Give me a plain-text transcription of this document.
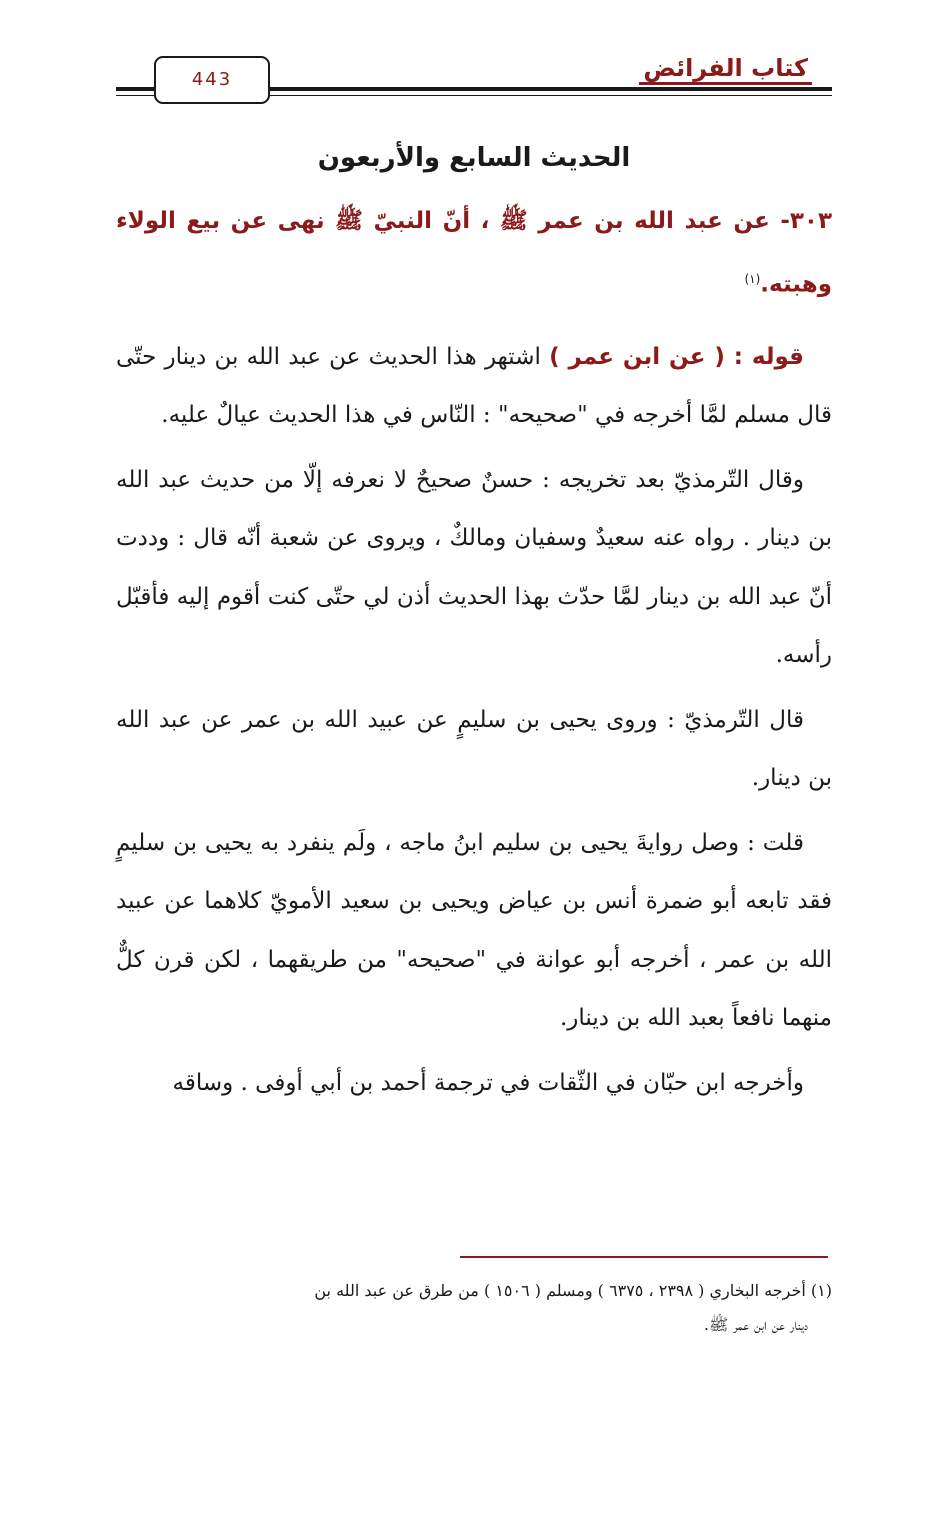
كتاب الفرائض
443
الحديث السابع والأربعون
٣٠٣- عن عبد الله بن عمر ﷺ ، أنّ النبيّ ﷺ نهى عن بيع الولاء وهبته.$^{(١)}$

قوله : ( عن ابن عمر ) اشتهر هذا الحديث عن عبد الله بن دينار حتّى قال مسلم لمَّا أخرجه في "صحيحه" : النّاس في هذا الحديث عيالٌ عليه.

وقال التّرمذيّ بعد تخريجه : حسنٌ صحيحٌ لا نعرفه إلّا من حديث عبد الله بن دينار . رواه عنه سعيدٌ وسفيان ومالكٌ ، ويروى عن شعبة أنّه قال : وددت أنّ عبد الله بن دينار لمَّا حدّث بهذا الحديث أذن لي حتّى كنت أقوم إليه فأقبّل رأسه.

قال التّرمذيّ : وروى يحيى بن سليمٍ عن عبيد الله بن عمر عن عبد الله بن دينار.

قلت : وصل روايةَ يحيى بن سليم ابنُ ماجه ، ولَم ينفرد به يحيى بن سليمٍ فقد تابعه أبو ضمرة أنس بن عياض ويحيى بن سعيد الأمويّ كلاهما عن عبيد الله بن عمر ، أخرجه أبو عوانة في "صحيحه" من طريقهما ، لكن قرن كلٌّ منهما نافعاً بعبد الله بن دينار.

وأخرجه ابن حبّان في الثّقات في ترجمة أحمد بن أبي أوفى . وساقه

(١) أخرجه البخاري ( ٢٣٩٨ ، ٦٣٧٥ ) ومسلم ( ١٥٠٦ ) من طرق عن عبد الله بن
دينار عن ابن عمر ﷺ.
